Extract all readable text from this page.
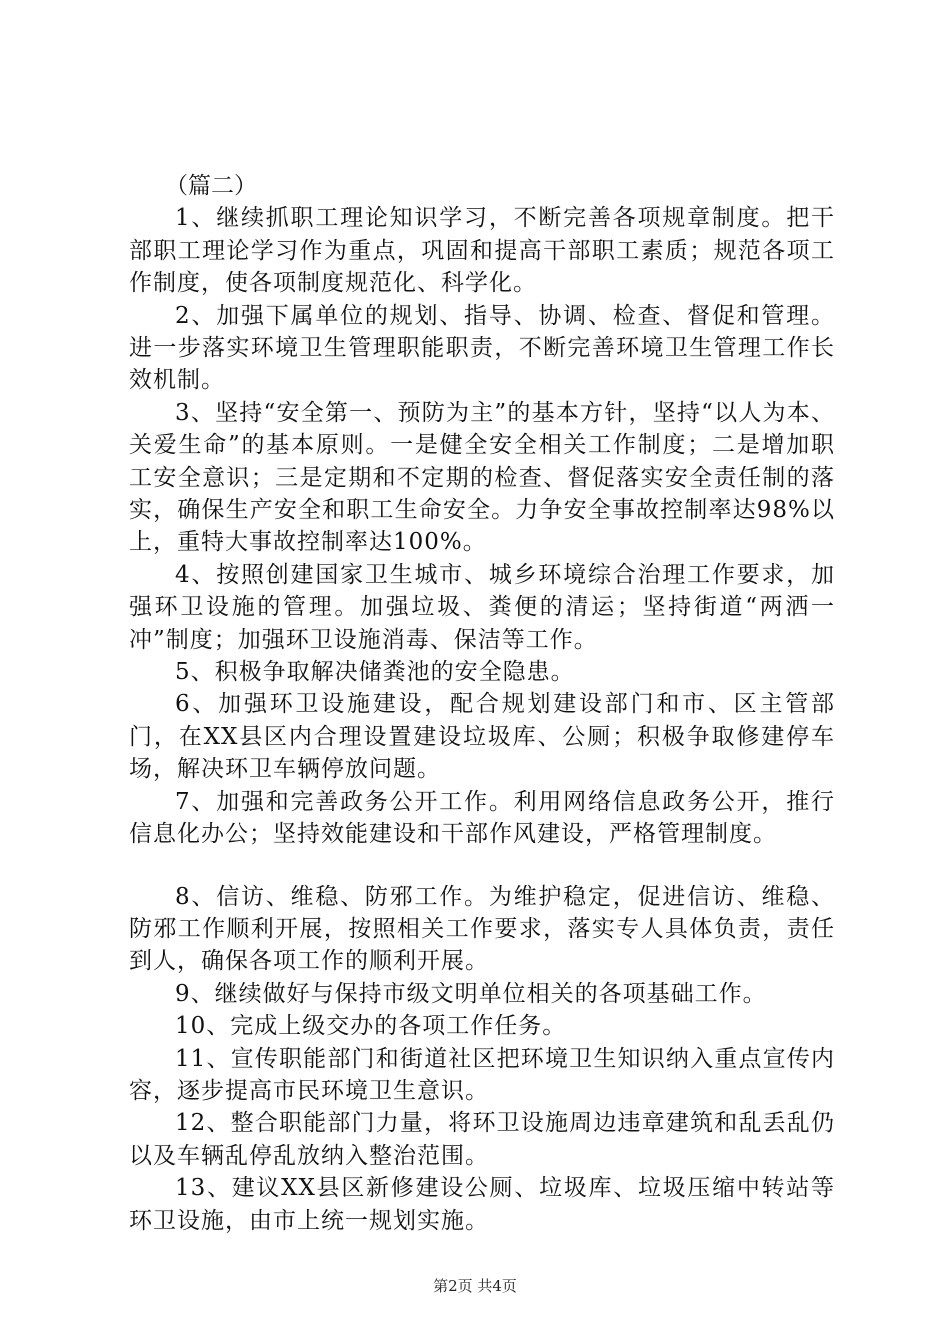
（篇二）

1、继续抓职工理论知识学习，不断完善各项规章制度。把干部职工理论学习作为重点，巩固和提高干部职工素质；规范各项工作制度，使各项制度规范化、科学化。

2、加强下属单位的规划、指导、协调、检查、督促和管理。进一步落实环境卫生管理职能职责，不断完善环境卫生管理工作长效机制。

3、坚持“安全第一、预防为主”的基本方针，坚持“以人为本、关爱生命”的基本原则。一是健全安全相关工作制度；二是增加职工安全意识；三是定期和不定期的检查、督促落实安全责任制的落实，确保生产安全和职工生命安全。力争安全事故控制率达98%以上，重特大事故控制率达100%。

4、按照创建国家卫生城市、城乡环境综合治理工作要求，加强环卫设施的管理。加强垃圾、粪便的清运；坚持街道“两洒一冲”制度；加强环卫设施消毒、保洁等工作。

5、积极争取解决储粪池的安全隐患。

6、加强环卫设施建设，配合规划建设部门和市、区主管部门，在XX县区内合理设置建设垃圾库、公厕；积极争取修建停车场，解决环卫车辆停放问题。

7、加强和完善政务公开工作。利用网络信息政务公开，推行信息化办公；坚持效能建设和干部作风建设，严格管理制度。

8、信访、维稳、防邪工作。为维护稳定，促进信访、维稳、防邪工作顺利开展，按照相关工作要求，落实专人具体负责，责任到人，确保各项工作的顺利开展。

9、继续做好与保持市级文明单位相关的各项基础工作。

10、完成上级交办的各项工作任务。

11、宣传职能部门和街道社区把环境卫生知识纳入重点宣传内容，逐步提高市民环境卫生意识。

12、整合职能部门力量，将环卫设施周边违章建筑和乱丢乱仍以及车辆乱停乱放纳入整治范围。

13、建议XX县区新修建设公厕、垃圾库、垃圾压缩中转站等环卫设施，由市上统一规划实施。

第2页 共4页
